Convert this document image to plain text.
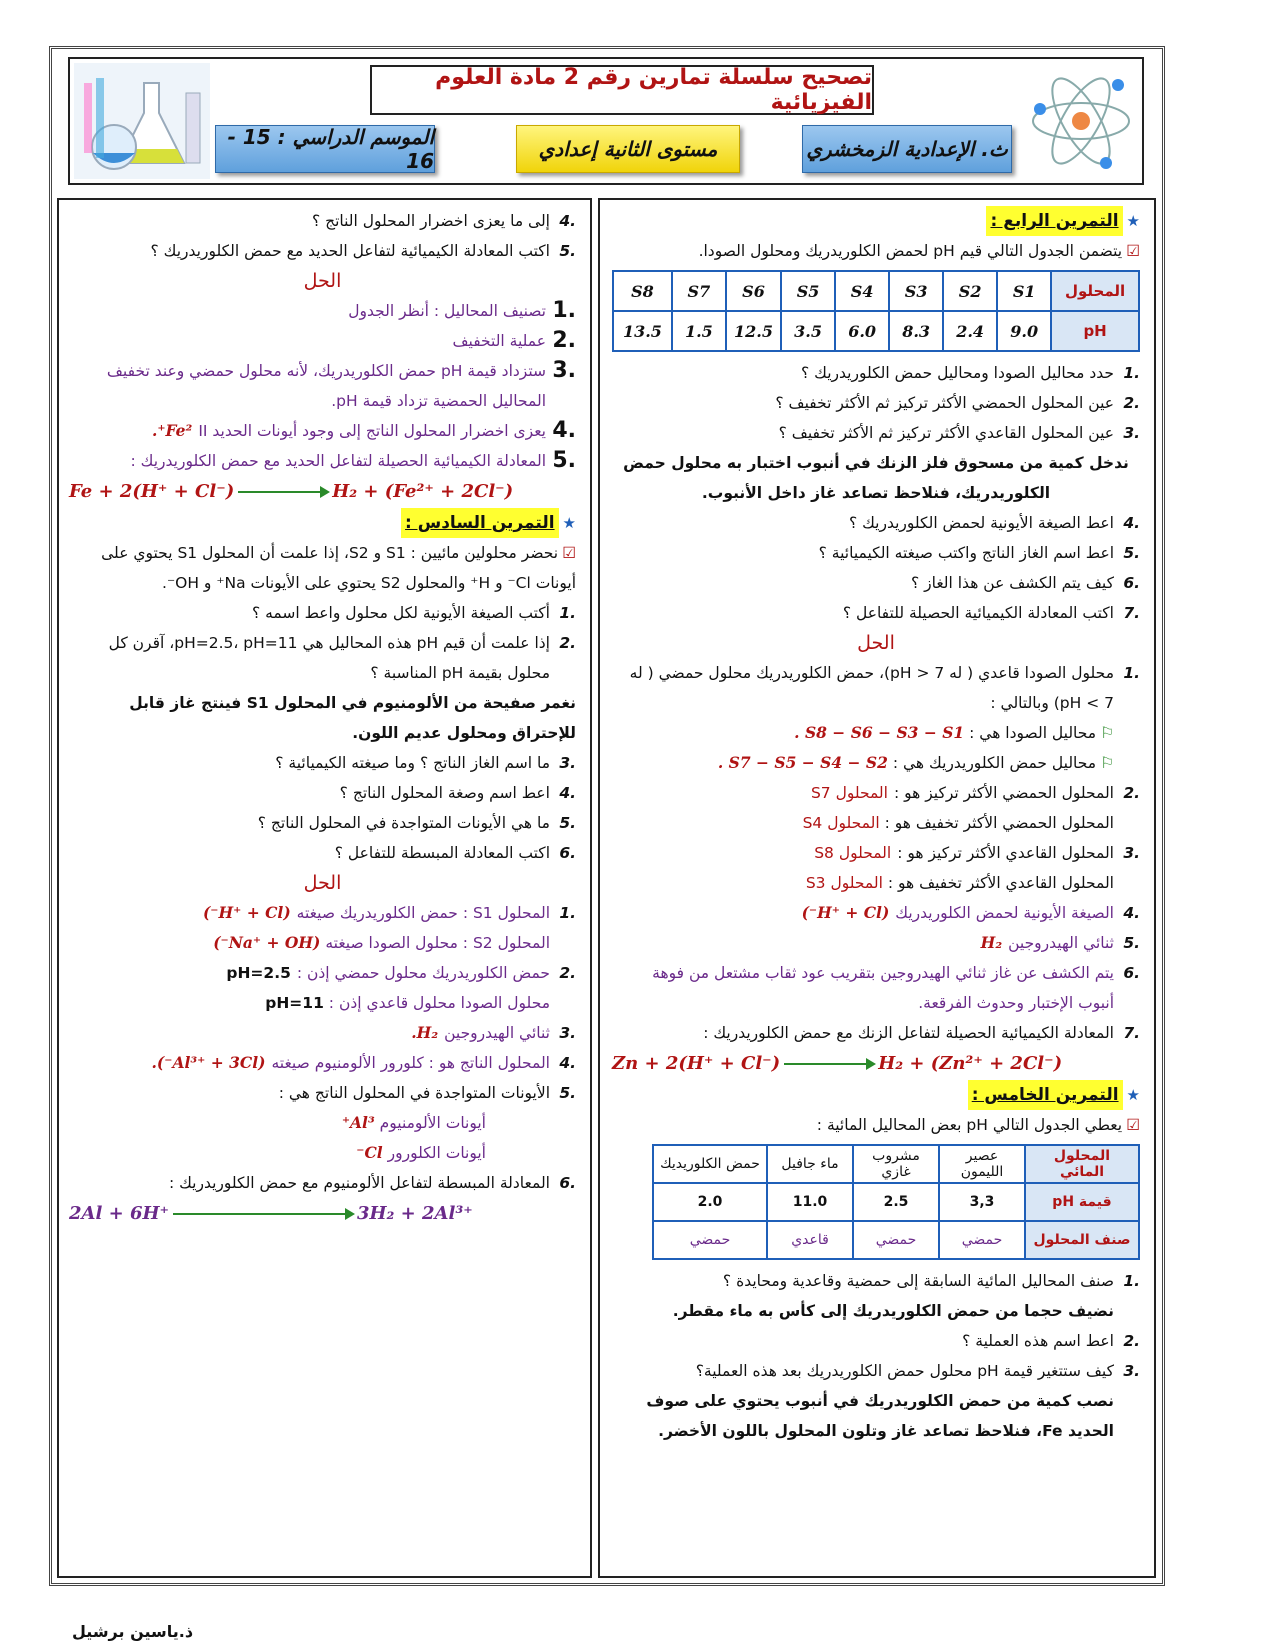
تصحيح سلسلة تمارين رقم 2 مادة العلوم الفيزيائية
الموسم الدراسي : 15 - 16	مستوى الثانية إعدادي	ث. الإعدادية الزمخشري
★التمرين الرابع :
☑يتضمن الجدول التالي قيم pH لحمض الكلوريدريك ومحلول الصودا.
المحلول	S1	S2	S3	S4	S5	S6	S7	S8
pH	9.0	2.4	8.3	6.0	3.5	12.5	1.5	13.5
.1
حدد محاليل الصودا ومحاليل حمض الكلوريدريك ؟
.2
عين المحلول الحمضي الأكثر تركيز ثم الأكثر تخفيف ؟
.3
عين المحلول القاعدي الأكثر تركيز ثم الأكثر تخفيف ؟

ندخل كمية من مسحوق فلز الزنك في أنبوب اختبار به محلول حمض الكلوريدريك، فنلاحظ تصاعد غاز داخل الأنبوب.

.4
اعط الصيغة الأيونية لحمض الكلوريدريك ؟
.5
اعط اسم الغاز الناتج واكتب صيغته الكيميائية ؟
.6
كيف يتم الكشف عن هذا الغاز ؟
.7
اكتب المعادلة الكيميائية الحصيلة للتفاعل ؟
الحل
.1
محلول الصودا قاعدي ( له pH > 7)، حمض الكلوريدريك محلول حمضي ( له pH < 7) وبالتالي :
⚐محاليل الصودا هي : S8 − S6 − S3 − S1 .
⚐محاليل حمض الكلوريدريك هي : S7 − S5 − S4 − S2 .
.2
المحلول الحمضي الأكثر تركيز هو :
المحلول S7
المحلول الحمضي الأكثر تخفيف هو : المحلول S4
.3
المحلول القاعدي الأكثر تركيز هو :
المحلول S8
المحلول القاعدي الأكثر تخفيف هو : المحلول S3
.4
الصيغة الأيونية لحمض الكلوريدريك
(H⁺ + Cl⁻)
.5
ثنائي الهيدروجين
H₂
.6
يتم الكشف عن غاز ثنائي الهيدروجين بتقريب عود ثقاب مشتعل من فوهة أنبوب الإختبار وحدوث الفرقعة.
.7
المعادلة الكيميائية الحصيلة لتفاعل الزنك مع حمض الكلوريدريك :
Zn + 2(H⁺ + Cl⁻)	H₂ + (Zn²⁺ + 2Cl⁻)
★التمرين الخامس :
☑يعطي الجدول التالي pH بعض المحاليل المائية :
المحلول المائي	عصير الليمون	مشروب غازي	ماء جافيل	حمض الكلوريديك
قيمة pH	3,3	2.5	11.0	2.0
صنف المحلول	حمضي	حمضي	قاعدي	حمضي
.1
صنف المحاليل المائية السابقة إلى حمضية وقاعدية ومحايدة ؟

نضيف حجما من حمض الكلوريدريك إلى كأس به ماء مقطر.

.2
اعط اسم هذه العملية ؟
.3
كيف ستتغير قيمة pH محلول حمض الكلوريدريك بعد هذه العملية؟

نصب كمية من حمض الكلوريدريك في أنبوب يحتوي على صوف الحديد Fe، فنلاحظ تصاعد غاز وتلون المحلول باللون الأخضر.

.4
إلى ما يعزى اخضرار المحلول الناتج ؟
.5
اكتب المعادلة الكيميائية لتفاعل الحديد مع حمض الكلوريدريك ؟
الحل
.1
تصنيف المحاليل : أنظر الجدول
.2
عملية التخفيف
.3
ستزداد قيمة pH حمض الكلوريدريك، لأنه محلول حمضي وعند تخفيف المحاليل الحمضية تزداد قيمة pH.
.4
يعزى اخضرار المحلول الناتج إلى وجود أيونات الحديد II
Fe²⁺.
.5
المعادلة الكيميائية الحصيلة لتفاعل الحديد مع حمض الكلوريدريك :
Fe + 2(H⁺ + Cl⁻)	H₂ + (Fe²⁺ + 2Cl⁻)
★التمرين السادس :

☑نحضر محلولين مائيين : S1 و S2، إذا علمت أن المحلول S1 يحتوي على أيونات Cl⁻ و H⁺ والمحلول S2 يحتوي على الأيونات Na⁺ و OH⁻.

.1
أكتب الصيغة الأيونية لكل محلول واعط اسمه ؟
.2
إذا علمت أن قيم pH هذه المحاليل هي pH=2.5، pH=11، آقرن كل محلول بقيمة pH المناسبة ؟

نغمر صفيحة من الألومنيوم في المحلول S1 فينتج غاز قابل للإحتراق ومحلول عديم اللون.

.3
ما اسم الغاز الناتج ؟ وما صيغته الكيميائية ؟
.4
اعط اسم وصغة المحلول الناتج ؟
.5
ما هي الأيونات المتواجدة في المحلول الناتج ؟
.6
اكتب المعادلة المبسطة للتفاعل ؟
الحل
.1
المحلول S1 : حمض الكلوريدريك صيغته
(H⁺ + Cl⁻)
المحلول S2 : محلول الصودا صيغته (Na⁺ + OH⁻)
.2
حمض الكلوريدريك محلول حمضي إذن :
pH=2.5
محلول الصودا محلول قاعدي إذن : pH=11
.3
ثنائي الهيدروجين
H₂.
.4
المحلول الناتج هو : كلورور الألومنيوم صيغته
(Al³⁺ + 3Cl⁻).
.5
الأيونات المتواجدة في المحلول الناتج هي :
أيونات الألومنيوم Al³⁺
أيونات الكلورور Cl⁻
.6
المعادلة المبسطة لتفاعل الألومنيوم مع حمض الكلوريدريك :
2Al + 6H⁺	3H₂ + 2Al³⁺
ذ.ياسين برشيل
